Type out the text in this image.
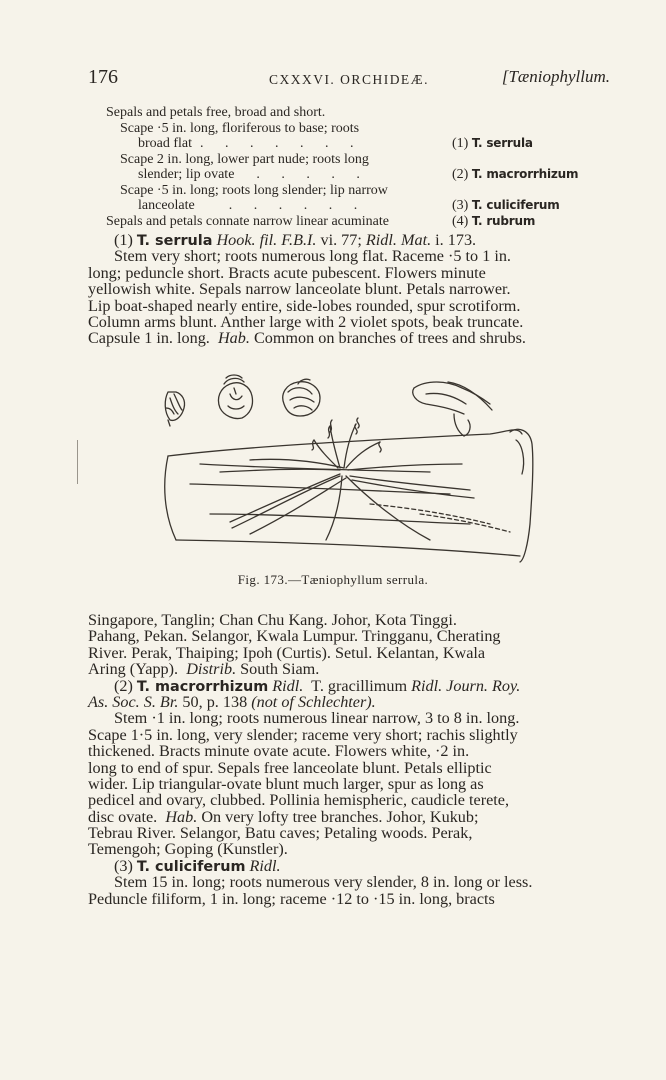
176	CXXXVI. ORCHIDEÆ.	[Tæniophyllum.
Sepals and petals free, broad and short.
Scape ·5 in. long, floriferous to base; roots
broad flat . . . . . . .	(1) T. serrula
Scape 2 in. long, lower part nude; roots long
slender; lip ovate . . . . .	(2) T. macrorrhizum
Scape ·5 in. long; roots long slender; lip narrow
lanceolate . . . . . .	(3) T. culiciferum
Sepals and petals connate narrow linear acuminate	(4) T. rubrum
(1) T. serrula Hook. fil. F.B.I. vi. 77; Ridl. Mat. i. 173.
Stem very short; roots numerous long flat. Raceme ·5 to 1 in.
long; peduncle short. Bracts acute pubescent. Flowers minute
yellowish white. Sepals narrow lanceolate blunt. Petals narrower.
Lip boat-shaped nearly entire, side-lobes rounded, spur scrotiform.
Column arms blunt. Anther large with 2 violet spots, beak truncate.
Capsule 1 in. long. Hab. Common on branches of trees and shrubs.
Fig. 173.—Tæniophyllum serrula.
Singapore, Tanglin; Chan Chu Kang. Johor, Kota Tinggi.
Pahang, Pekan. Selangor, Kwala Lumpur. Tringganu, Cherating
River. Perak, Thaiping; Ipoh (Curtis). Setul. Kelantan, Kwala
Aring (Yapp). Distrib. South Siam.
(2) T. macrorrhizum Ridl. T. gracillimum Ridl. Journ. Roy.
As. Soc. S. Br. 50, p. 138 (not of Schlechter).
Stem ·1 in. long; roots numerous linear narrow, 3 to 8 in. long.
Scape 1·5 in. long, very slender; raceme very short; rachis slightly
thickened. Bracts minute ovate acute. Flowers white, ·2 in.
long to end of spur. Sepals free lanceolate blunt. Petals elliptic
wider. Lip triangular-ovate blunt much larger, spur as long as
pedicel and ovary, clubbed. Pollinia hemispheric, caudicle terete,
disc ovate. Hab. On very lofty tree branches. Johor, Kukub;
Tebrau River. Selangor, Batu caves; Petaling woods. Perak,
Temengoh; Goping (Kunstler).
(3) T. culiciferum Ridl.
Stem 15 in. long; roots numerous very slender, 8 in. long or less.
Peduncle filiform, 1 in. long; raceme ·12 to ·15 in. long, bracts
